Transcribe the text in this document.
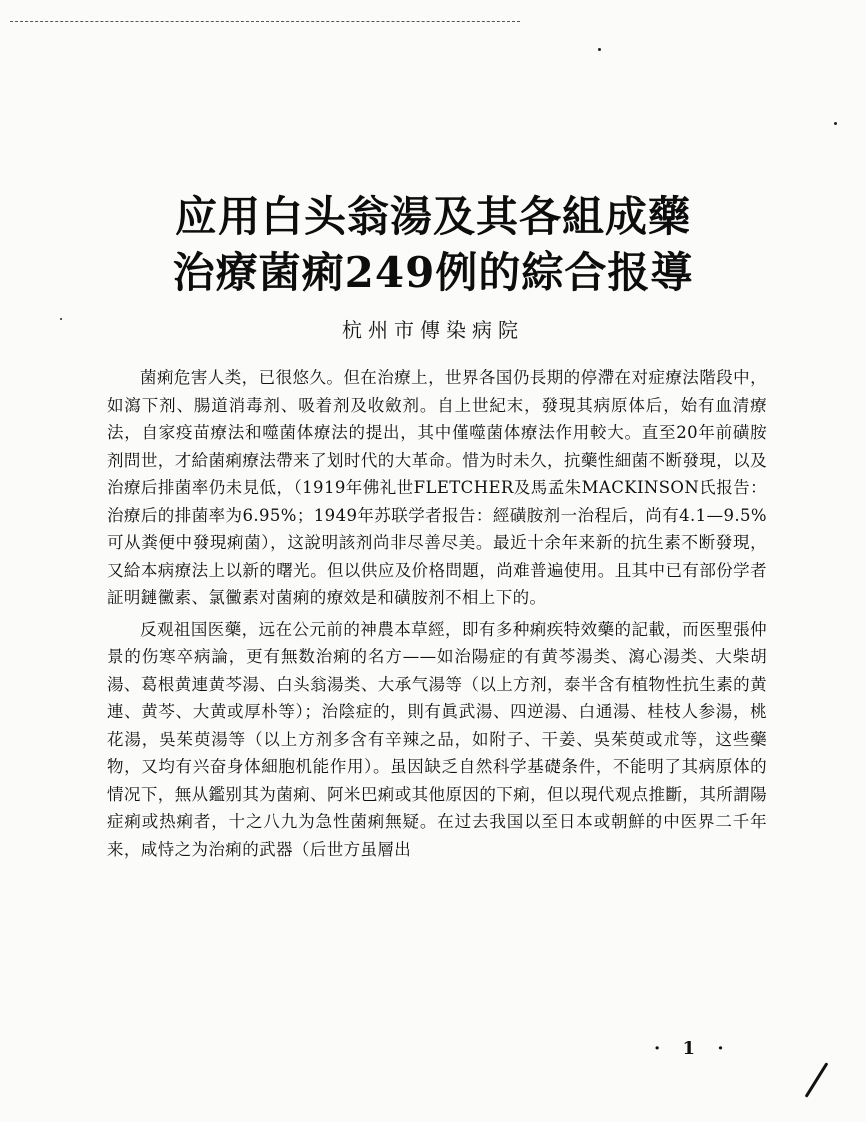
应用白头翁湯及其各組成藥
治療菌痢249例的綜合报導
杭州市傳染病院

菌痢危害人类，已很悠久。但在治療上，世界各国仍長期的停滯在对症療法階段中，如瀉下剂、腸道消毒剂、吸着剂及收斂剂。自上世紀末，發現其病原体后，始有血清療法，自家疫苗療法和噬菌体療法的提出，其中僅噬菌体療法作用較大。直至20年前磺胺剂問世，才給菌痢療法帶来了划时代的大革命。惜为时未久，抗藥性細菌不断發現，以及治療后排菌率仍未見低，（1919年佛礼世FLETCHER及馬孟朱MACKINSON氏报告：治療后的排菌率为6.95%；1949年苏联学者报告：經磺胺剂一治程后，尚有4.1—9.5%可从粪便中發現痢菌），这說明該剂尚非尽善尽美。最近十余年来新的抗生素不断發現，又給本病療法上以新的曙光。但以供应及价格問題，尚难普遍使用。且其中已有部份学者証明鏈黴素、氯黴素对菌痢的療效是和磺胺剂不相上下的。

反观祖国医藥，远在公元前的神農本草經，即有多种痢疾特效藥的記載，而医聖張仲景的伤寒卒病論，更有無数治痢的名方——如治陽症的有黄芩湯类、瀉心湯类、大柴胡湯、葛根黄連黄芩湯、白头翁湯类、大承气湯等（以上方剂，泰半含有植物性抗生素的黄連、黄芩、大黄或厚朴等）；治陰症的，則有眞武湯、四逆湯、白通湯、桂枝人参湯，桃花湯，吳茱萸湯等（以上方剂多含有辛辣之品，如附子、干姜、吳茱萸或朮等，这些藥物，又均有兴奋身体細胞机能作用）。虽因缺乏自然科学基礎条件，不能明了其病原体的情况下，無从鑑别其为菌痢、阿米巴痢或其他原因的下痢，但以現代观点推斷，其所謂陽症痢或热痢者，十之八九为急性菌痢無疑。在过去我国以至日本或朝鮮的中医界二千年来，咸恃之为治痢的武器（后世方虽層出

· 1 ·
